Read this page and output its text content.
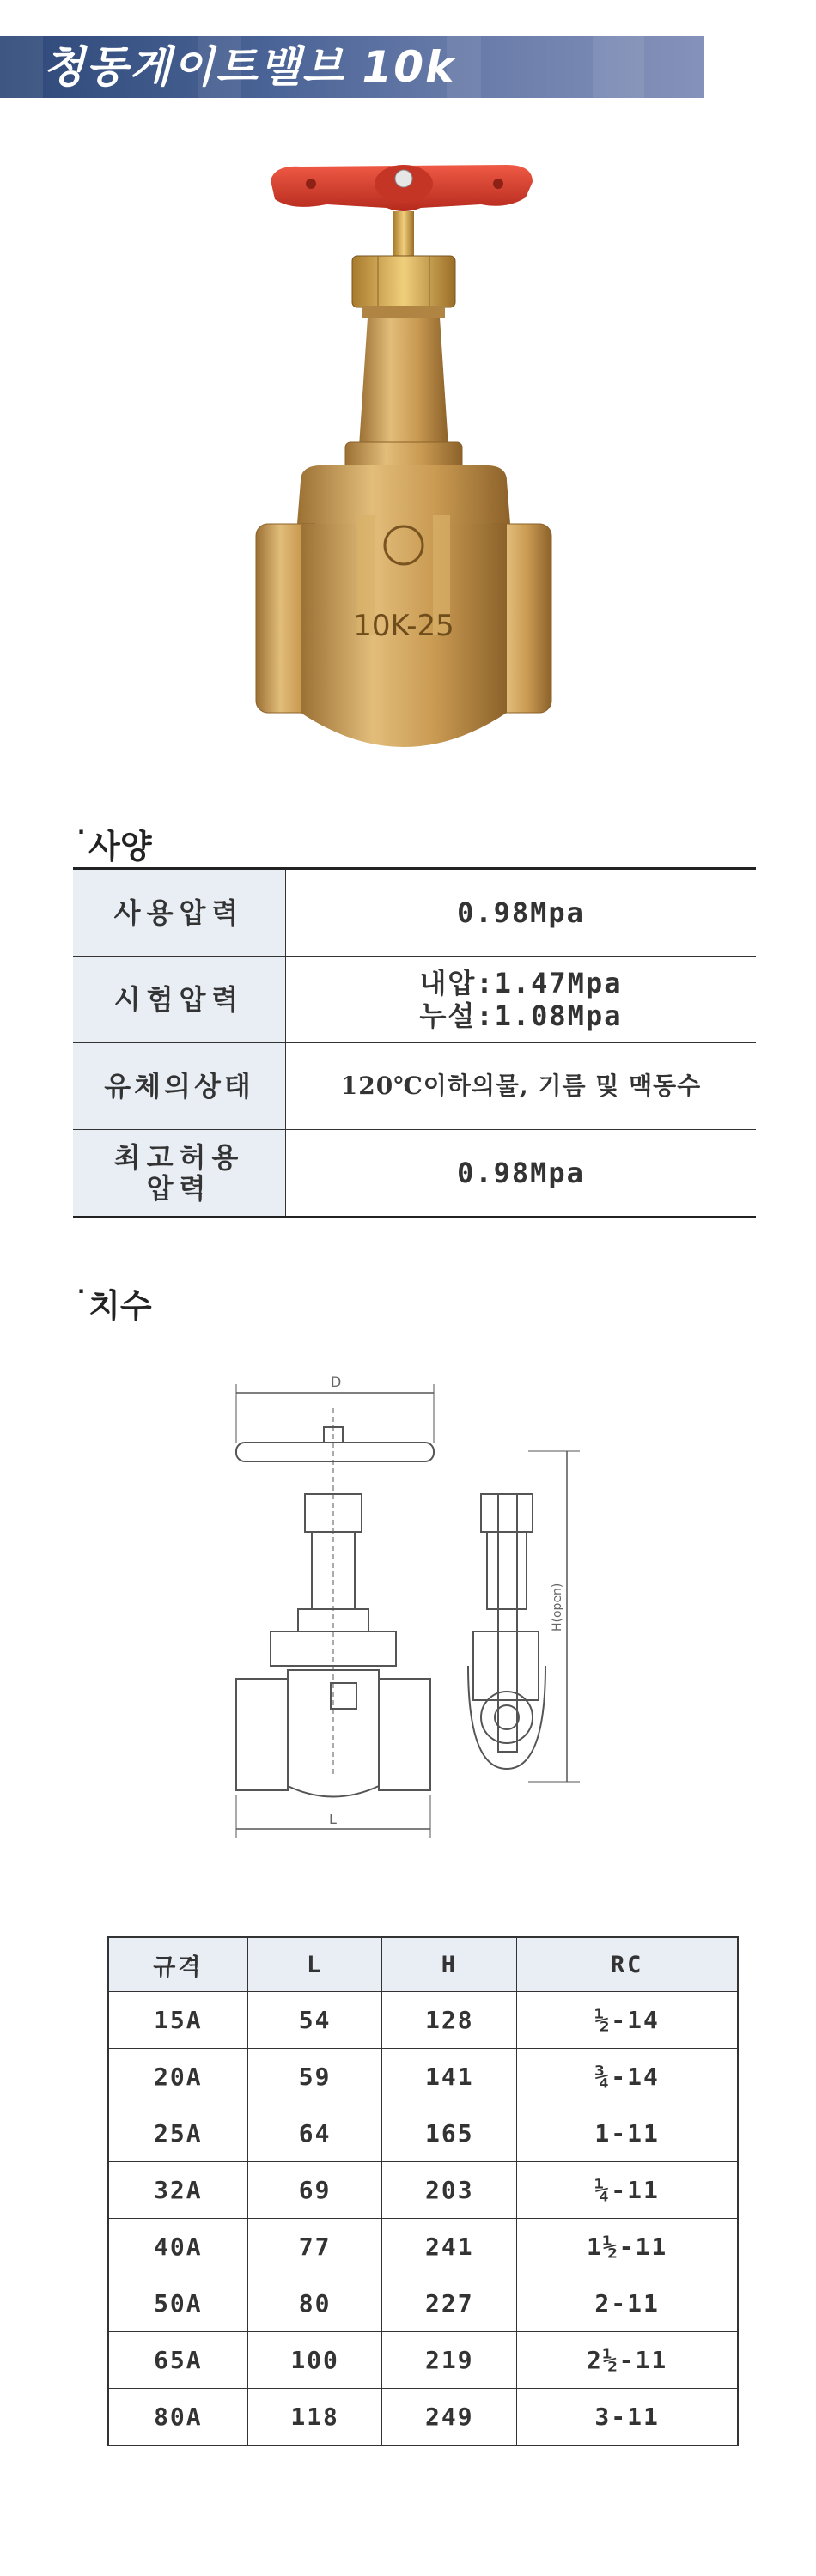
청동게이트밸브 10k
10K-25
· 사양
사용압력	0.98Mpa
시험압력	내압:1.47Mpa
누설:1.08Mpa

유체의상태	120℃이하의물, 기름 및 맥동수

최고허용
압력	0.98Mpa
· 치수
D
L
H(open)
규격	L	H	RC
15A	54	128	½-14
20A	59	141	¾-14
25A	64	165	1-11
32A	69	203	¼-11
40A	77	241	1½-11
50A	80	227	2-11
65A	100	219	2½-11
80A	118	249	3-11
